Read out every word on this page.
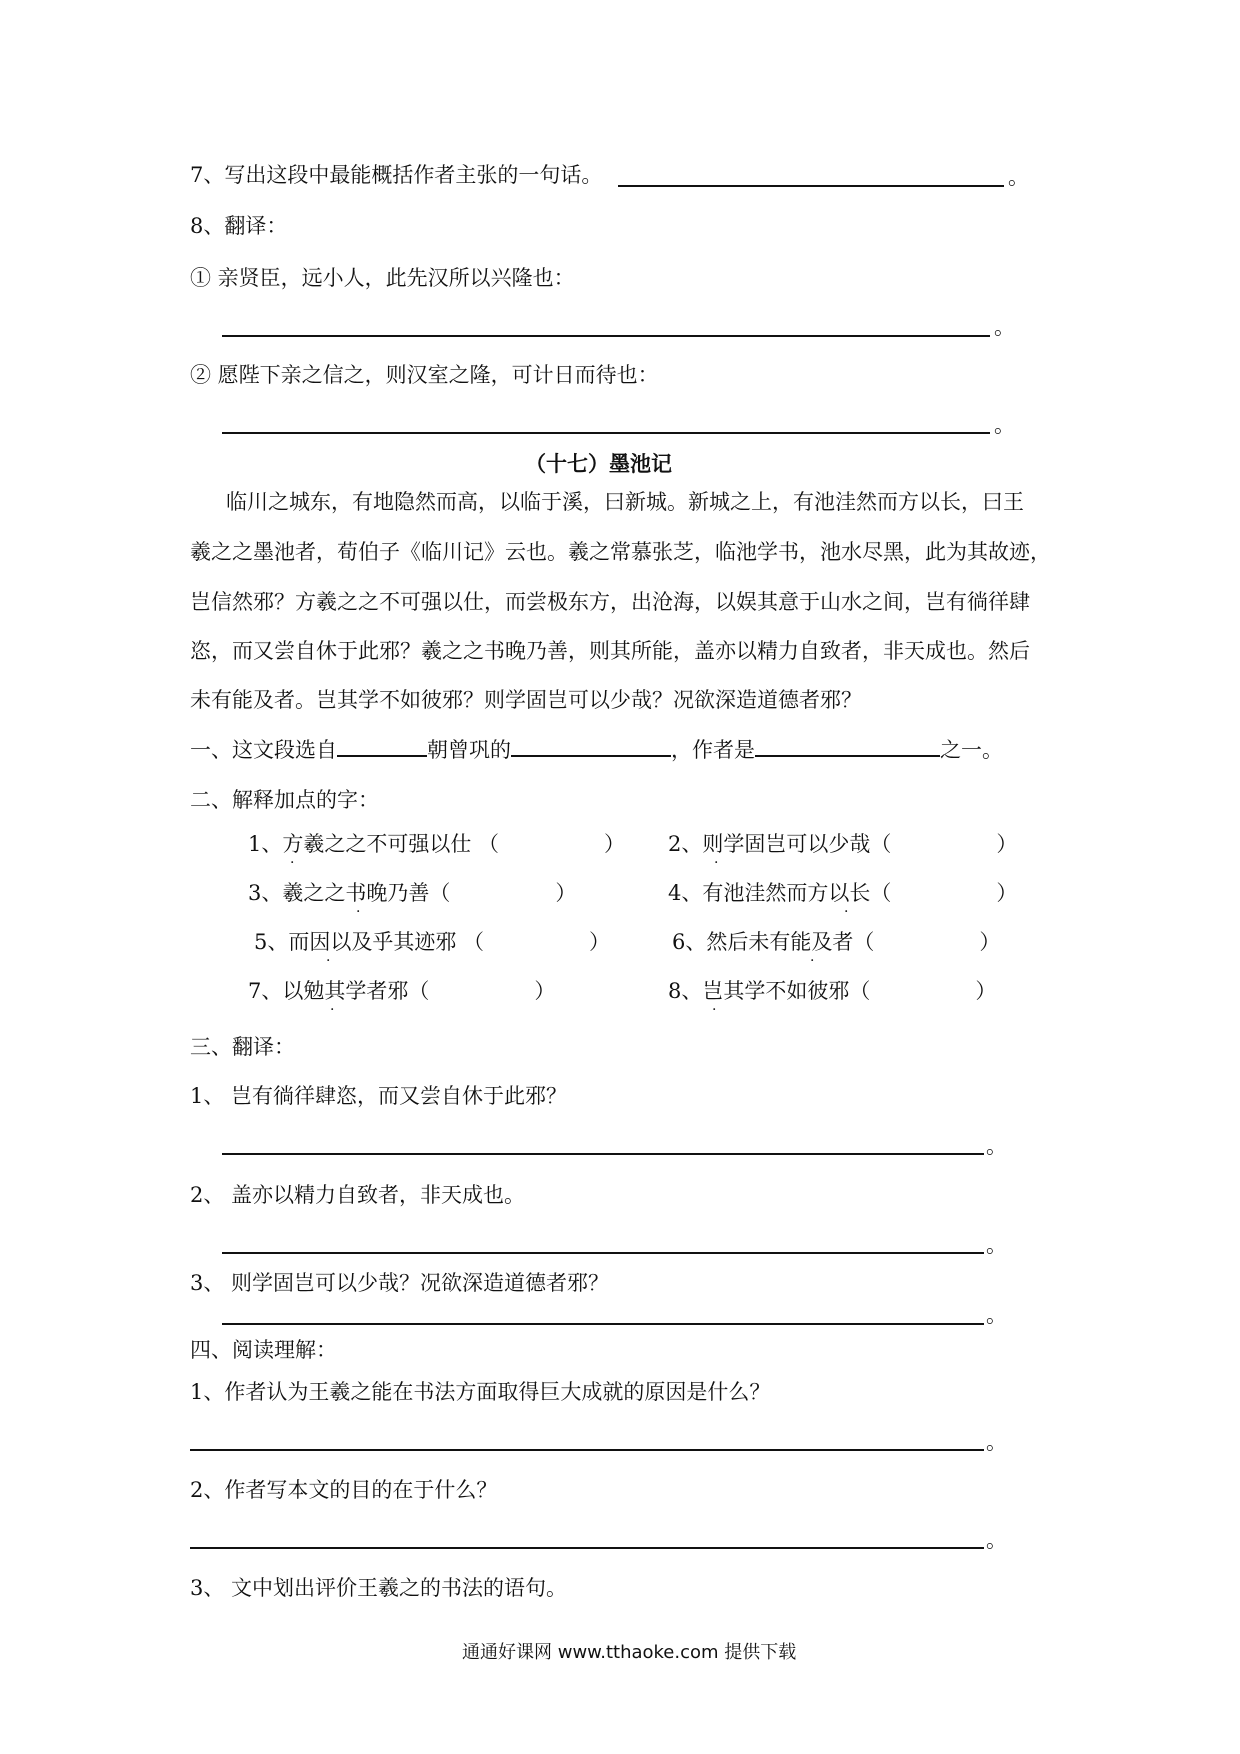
7、写出这段中最能概括作者主张的一句话。	。
8、翻译：
① 亲贤臣，远小人，此先汉所以兴隆也：
。
② 愿陛下亲之信之，则汉室之隆，可计日而待也：
。
（十七）墨池记
临川之城东，有地隐然而高，以临于溪，曰新城。新城之上，有池洼然而方以长，曰王
羲之之墨池者，荀伯子《临川记》云也。羲之常慕张芝，临池学书，池水尽黑，此为其故迹，
岂信然邪？方羲之之不可强以仕，而尝极东方，出沧海，以娱其意于山水之间，岂有徜徉肆
恣，而又尝自休于此邪？羲之之书晚乃善，则其所能，盖亦以精力自致者，非天成也。然后
未有能及者。岂其学不如彼邪？则学固岂可以少哉？况欲深造道德者邪？
一、这文段选自	朝曾巩的	，作者是	之一。
二、解释加点的字：
1、方羲之之不可强以仕 （　　　　　） 2、则学固岂可以少哉（　　　　　）
3、羲之之书晚乃善（　　　　　）	4、有池洼然而方以长（　　　　　）
5、而因以及乎其迹邪 （　　　　　）	6、然后未有能及者（　　　　　）
7、以勉其学者邪（　　　　　）	8、岂其学不如彼邪（　　　　　）
·	·
·	·
·	·
·	·
三、翻译：
1、 岂有徜徉肆恣，而又尝自休于此邪？
。
2、 盖亦以精力自致者，非天成也。
。
3、 则学固岂可以少哉？况欲深造道德者邪？
。
四、阅读理解：
1、作者认为王羲之能在书法方面取得巨大成就的原因是什么？
。
2、作者写本文的目的在于什么？
。
3、 文中划出评价王羲之的书法的语句。
通通好课网 www.tthaoke.com 提供下载
